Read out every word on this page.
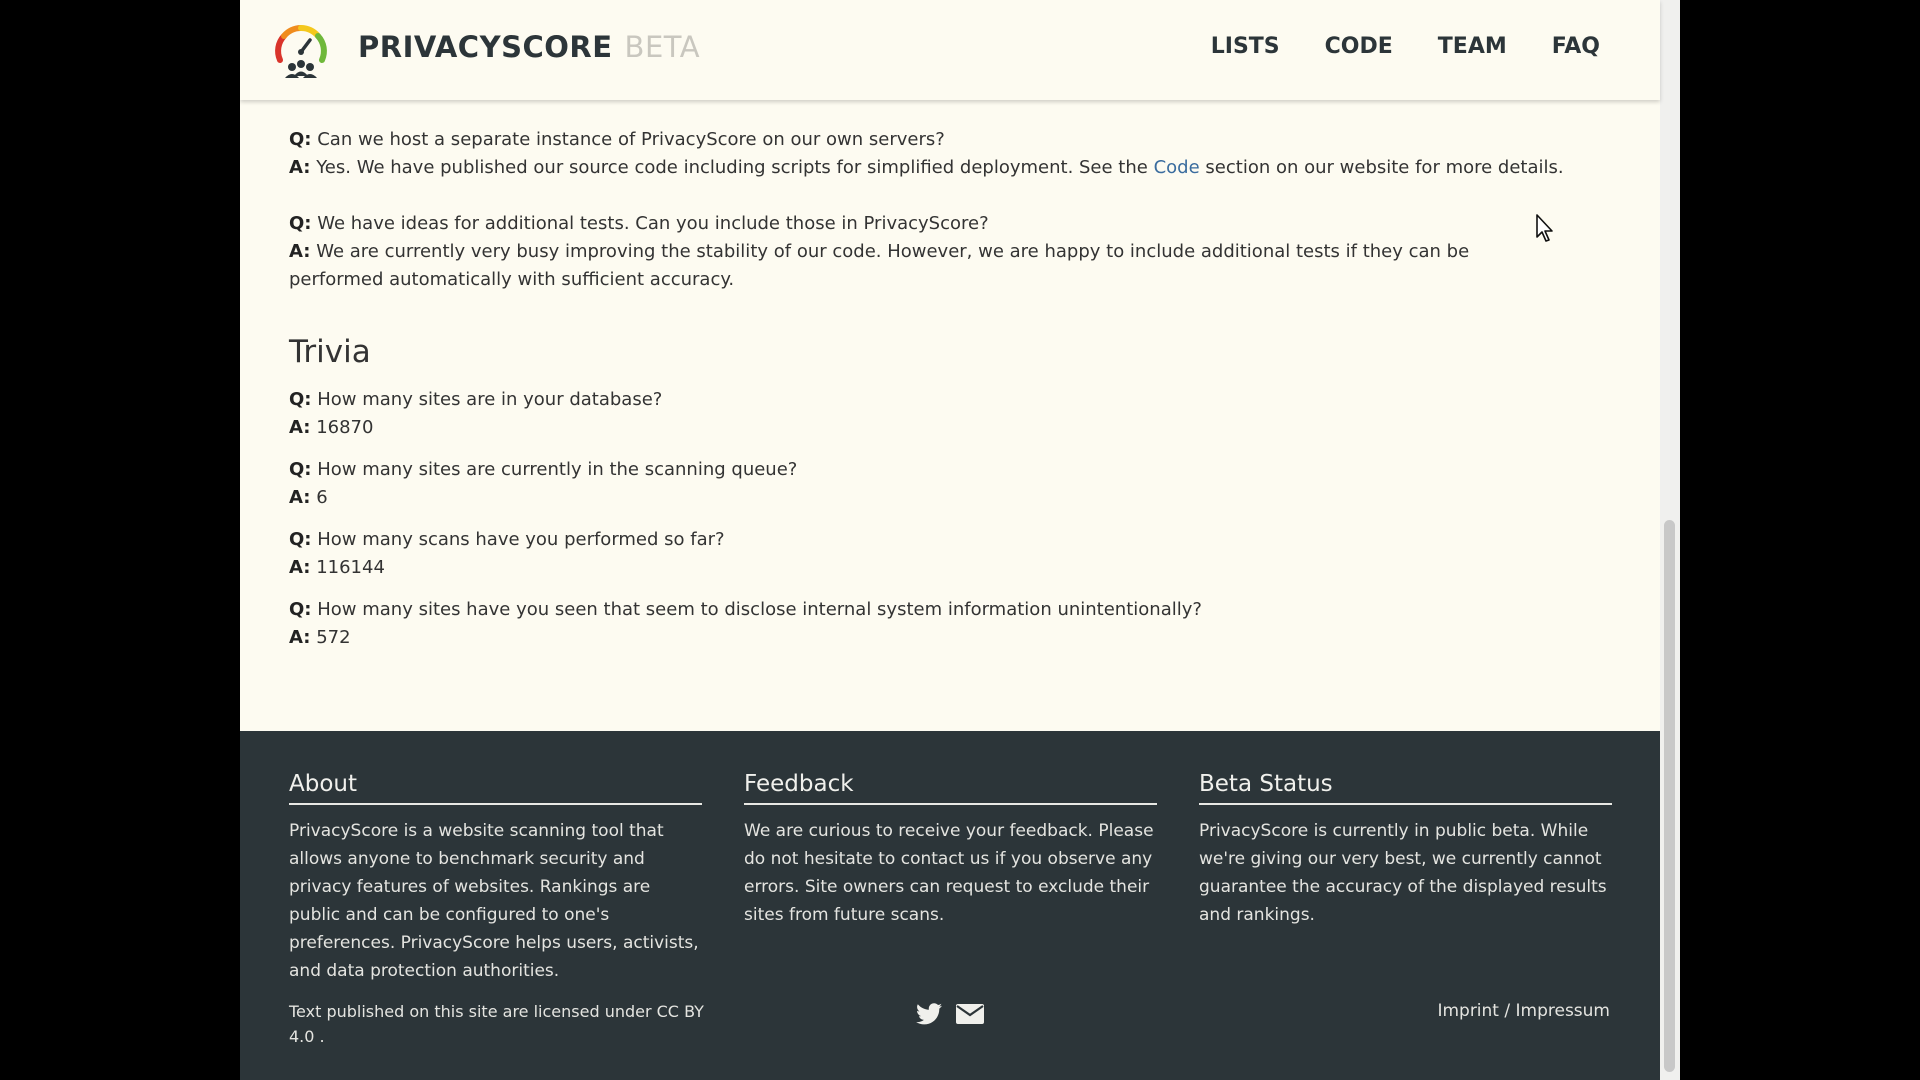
PRIVACYSCORE BETA	LISTS CODE TEAM FAQ

Q: Can we host a separate instance of PrivacyScore on our own servers?

A: Yes. We have published our source code including scripts for simplified deployment. See the Code section on our website for more details.

Q: We have ideas for additional tests. Can you include those in PrivacyScore?

A: We are currently very busy improving the stability of our code. However, we are happy to include additional tests if they can be performed automatically with sufficient accuracy.

Trivia

Q: How many sites are in your database?

A: 16870

Q: How many sites are currently in the scanning queue?

A: 6

Q: How many scans have you performed so far?

A: 116144

Q: How many sites have you seen that seem to disclose internal system information unintentionally?

A: 572

About

PrivacyScore is a website scanning tool that allows anyone to benchmark security and privacy features of websites. Rankings are public and can be configured to one's preferences. PrivacyScore helps users, activists, and data protection authorities.

Feedback

We are curious to receive your feedback. Please do not hesitate to contact us if you observe any errors. Site owners can request to exclude their sites from future scans.

Beta Status

PrivacyScore is currently in public beta. While we're giving our very best, we currently cannot guarantee the accuracy of the displayed results and rankings.

Text published on this site are licensed under CC BY 4.0 .
Imprint / Impressum
